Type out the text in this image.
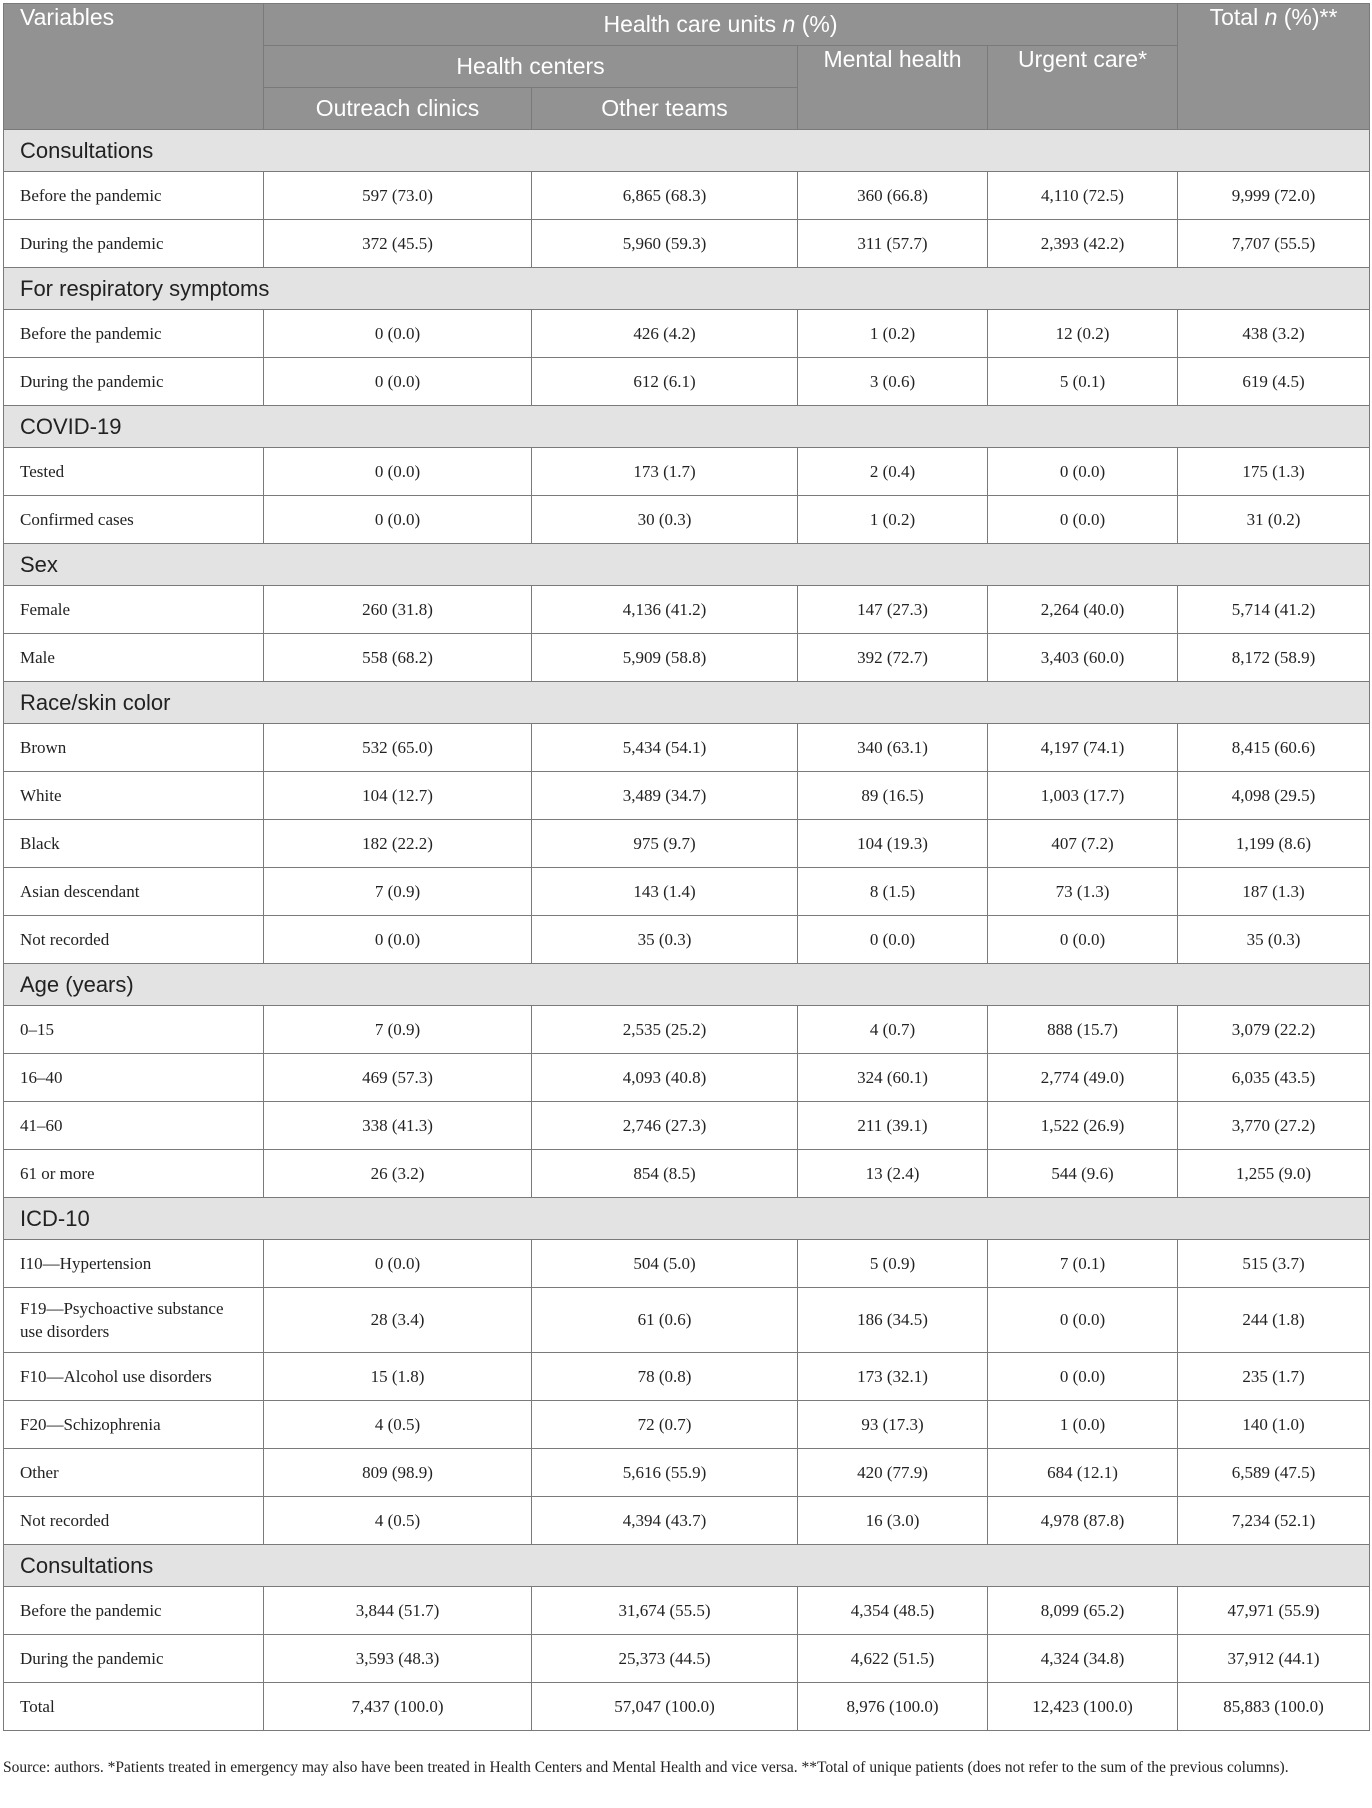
Variables	Health care units n (%)				Total n (%)**
	Health centers		Mental health	Urgent care*	
	Outreach clinics	Other teams			
Consultations					
Before the pandemic	597 (73.0)	6,865 (68.3)	360 (66.8)	4,110 (72.5)	9,999 (72.0)
During the pandemic	372 (45.5)	5,960 (59.3)	311 (57.7)	2,393 (42.2)	7,707 (55.5)
For respiratory symptoms					
Before the pandemic	0 (0.0)	426 (4.2)	1 (0.2)	12 (0.2)	438 (3.2)
During the pandemic	0 (0.0)	612 (6.1)	3 (0.6)	5 (0.1)	619 (4.5)
COVID-19					
Tested	0 (0.0)	173 (1.7)	2 (0.4)	0 (0.0)	175 (1.3)
Confirmed cases	0 (0.0)	30 (0.3)	1 (0.2)	0 (0.0)	31 (0.2)
Sex					
Female	260 (31.8)	4,136 (41.2)	147 (27.3)	2,264 (40.0)	5,714 (41.2)
Male	558 (68.2)	5,909 (58.8)	392 (72.7)	3,403 (60.0)	8,172 (58.9)
Race/skin color					
Brown	532 (65.0)	5,434 (54.1)	340 (63.1)	4,197 (74.1)	8,415 (60.6)
White	104 (12.7)	3,489 (34.7)	89 (16.5)	1,003 (17.7)	4,098 (29.5)
Black	182 (22.2)	975 (9.7)	104 (19.3)	407 (7.2)	1,199 (8.6)
Asian descendant	7 (0.9)	143 (1.4)	8 (1.5)	73 (1.3)	187 (1.3)
Not recorded	0 (0.0)	35 (0.3)	0 (0.0)	0 (0.0)	35 (0.3)
Age (years)					
0–15	7 (0.9)	2,535 (25.2)	4 (0.7)	888 (15.7)	3,079 (22.2)
16–40	469 (57.3)	4,093 (40.8)	324 (60.1)	2,774 (49.0)	6,035 (43.5)
41–60	338 (41.3)	2,746 (27.3)	211 (39.1)	1,522 (26.9)	3,770 (27.2)
61 or more	26 (3.2)	854 (8.5)	13 (2.4)	544 (9.6)	1,255 (9.0)
ICD-10					
I10—Hypertension	0 (0.0)	504 (5.0)	5 (0.9)	7 (0.1)	515 (3.7)
F19—Psychoactive substance use disorders	28 (3.4)	61 (0.6)	186 (34.5)	0 (0.0)	244 (1.8)
F10—Alcohol use disorders	15 (1.8)	78 (0.8)	173 (32.1)	0 (0.0)	235 (1.7)
F20—Schizophrenia	4 (0.5)	72 (0.7)	93 (17.3)	1 (0.0)	140 (1.0)
Other	809 (98.9)	5,616 (55.9)	420 (77.9)	684 (12.1)	6,589 (47.5)
Not recorded	4 (0.5)	4,394 (43.7)	16 (3.0)	4,978 (87.8)	7,234 (52.1)
Consultations					
Before the pandemic	3,844 (51.7)	31,674 (55.5)	4,354 (48.5)	8,099 (65.2)	47,971 (55.9)
During the pandemic	3,593 (48.3)	25,373 (44.5)	4,622 (51.5)	4,324 (34.8)	37,912 (44.1)
Total	7,437 (100.0)	57,047 (100.0)	8,976 (100.0)	12,423 (100.0)	85,883 (100.0)
Source: authors. *Patients treated in emergency may also have been treated in Health Centers and Mental Health and vice versa. **Total of unique patients (does not refer to the sum of the previous columns).
